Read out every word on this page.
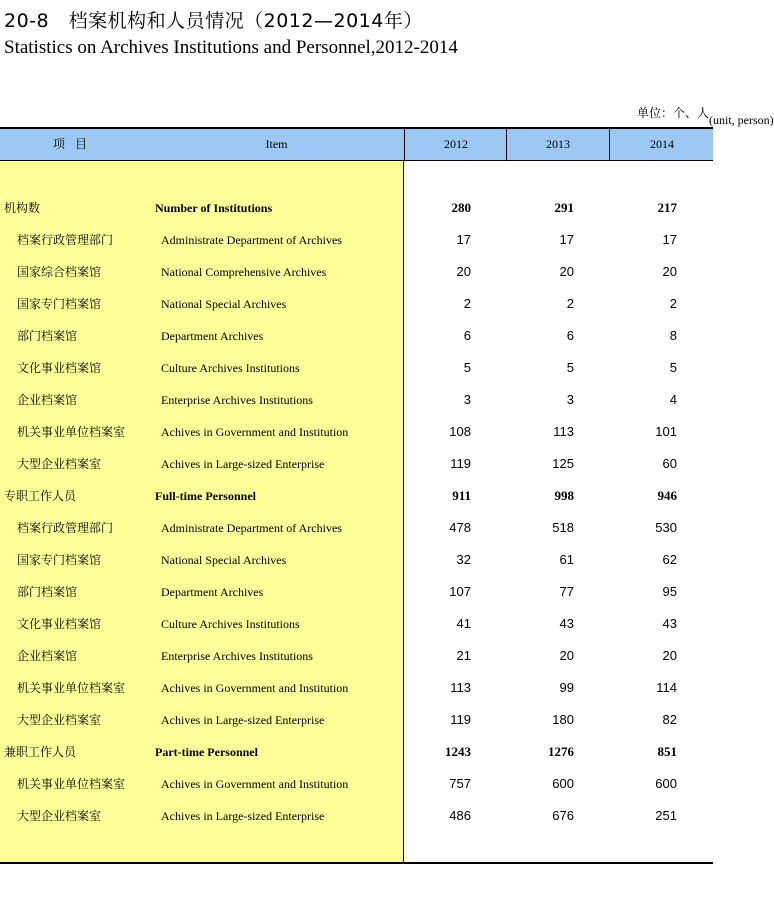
20-8　档案机构和人员情况（2012—2014年）
Statistics on Archives Institutions and Personnel,2012-2014
单位：个、人 (unit, person)
项目	Item	2012	2013	2014
机构数	Number of Institutions	280	291	217
档案行政管理部门	Administrate Department of Archives	17	17	17
国家综合档案馆	National Comprehensive Archives	20	20	20
国家专门档案馆	National Special Archives	2	2	2
部门档案馆	Department Archives	6	6	8
文化事业档案馆	Culture Archives Institutions	5	5	5
企业档案馆	Enterprise Archives Institutions	3	3	4
机关事业单位档案室	Achives in Government and Institution	108	113	101
大型企业档案室	Achives in Large-sized Enterprise	119	125	60
专职工作人员	Full-time Personnel	911	998	946
档案行政管理部门	Administrate Department of Archives	478	518	530
国家专门档案馆	National Special Archives	32	61	62
部门档案馆	Department Archives	107	77	95
文化事业档案馆	Culture Archives Institutions	41	43	43
企业档案馆	Enterprise Archives Institutions	21	20	20
机关事业单位档案室	Achives in Government and Institution	113	99	114
大型企业档案室	Achives in Large-sized Enterprise	119	180	82
兼职工作人员	Part-time Personnel	1243	1276	851
机关事业单位档案室	Achives in Government and Institution	757	600	600
大型企业档案室	Achives in Large-sized Enterprise	486	676	251
